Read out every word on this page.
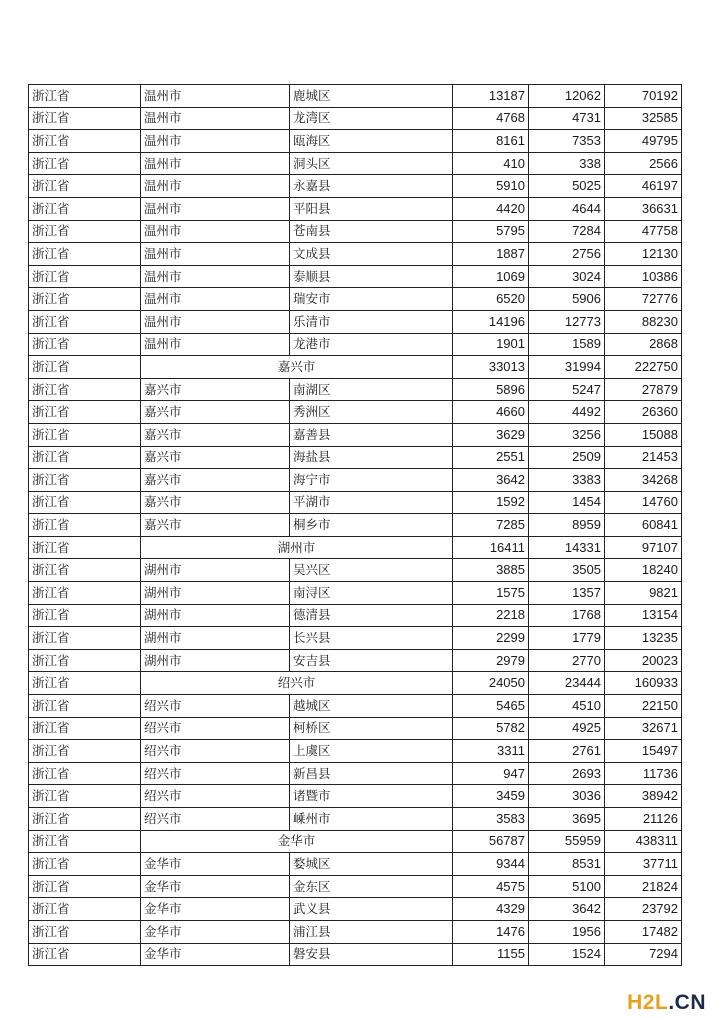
浙江省	温州市	鹿城区	13187	12062	70192
浙江省	温州市	龙湾区	4768	4731	32585
浙江省	温州市	瓯海区	8161	7353	49795
浙江省	温州市	洞头区	410	338	2566
浙江省	温州市	永嘉县	5910	5025	46197
浙江省	温州市	平阳县	4420	4644	36631
浙江省	温州市	苍南县	5795	7284	47758
浙江省	温州市	文成县	1887	2756	12130
浙江省	温州市	泰顺县	1069	3024	10386
浙江省	温州市	瑞安市	6520	5906	72776
浙江省	温州市	乐清市	14196	12773	88230
浙江省	温州市	龙港市	1901	1589	2868
浙江省	嘉兴市		33013	31994	222750
浙江省	嘉兴市	南湖区	5896	5247	27879
浙江省	嘉兴市	秀洲区	4660	4492	26360
浙江省	嘉兴市	嘉善县	3629	3256	15088
浙江省	嘉兴市	海盐县	2551	2509	21453
浙江省	嘉兴市	海宁市	3642	3383	34268
浙江省	嘉兴市	平湖市	1592	1454	14760
浙江省	嘉兴市	桐乡市	7285	8959	60841
浙江省	湖州市		16411	14331	97107
浙江省	湖州市	吴兴区	3885	3505	18240
浙江省	湖州市	南浔区	1575	1357	9821
浙江省	湖州市	德清县	2218	1768	13154
浙江省	湖州市	长兴县	2299	1779	13235
浙江省	湖州市	安吉县	2979	2770	20023
浙江省	绍兴市		24050	23444	160933
浙江省	绍兴市	越城区	5465	4510	22150
浙江省	绍兴市	柯桥区	5782	4925	32671
浙江省	绍兴市	上虞区	3311	2761	15497
浙江省	绍兴市	新昌县	947	2693	11736
浙江省	绍兴市	诸暨市	3459	3036	38942
浙江省	绍兴市	嵊州市	3583	3695	21126
浙江省	金华市		56787	55959	438311
浙江省	金华市	婺城区	9344	8531	37711
浙江省	金华市	金东区	4575	5100	21824
浙江省	金华市	武义县	4329	3642	23792
浙江省	金华市	浦江县	1476	1956	17482
浙江省	金华市	磐安县	1155	1524	7294
H2L.CN
